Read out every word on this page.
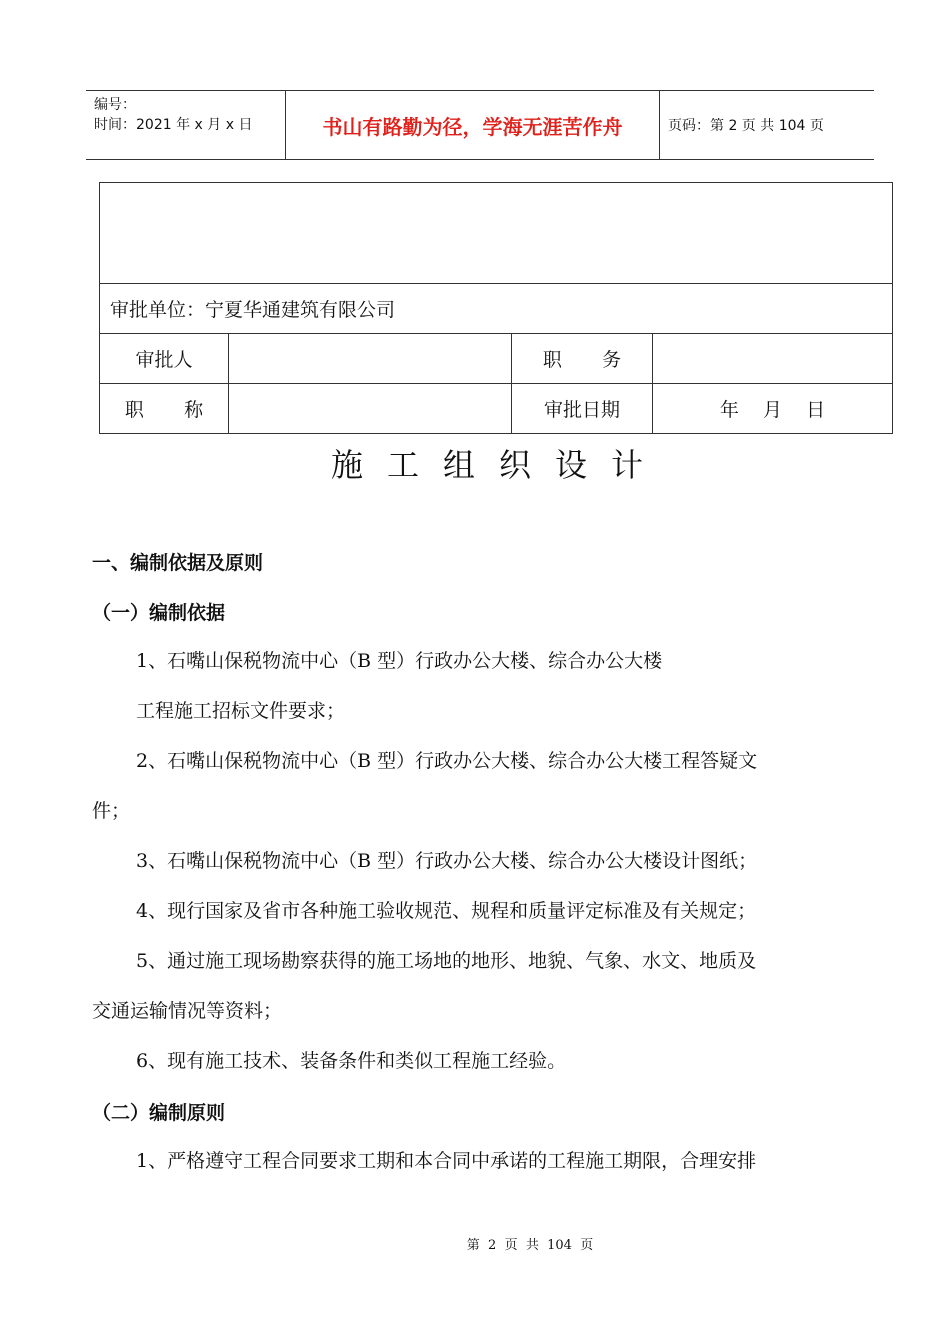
编号：
时间：2021 年 x 月 x 日	书山有路勤为径，学海无涯苦作舟	页码：第 2 页 共 104 页

审批单位：宁夏华通建筑有限公司			
审批人		职 务	
职 称		审批日期	年    月    日
施工组织设计
一、编制依据及原则
（一）编制依据
1、石嘴山保税物流中心（B 型）行政办公大楼、综合办公大楼
工程施工招标文件要求；
2、石嘴山保税物流中心（B 型）行政办公大楼、综合办公大楼工程答疑文
件；
3、石嘴山保税物流中心（B 型）行政办公大楼、综合办公大楼设计图纸；
4、现行国家及省市各种施工验收规范、规程和质量评定标准及有关规定；
5、通过施工现场勘察获得的施工场地的地形、地貌、气象、水文、地质及
交通运输情况等资料；
6、现有施工技术、装备条件和类似工程施工经验。
（二）编制原则
1、严格遵守工程合同要求工期和本合同中承诺的工程施工期限，合理安排
第  2  页  共  104  页
